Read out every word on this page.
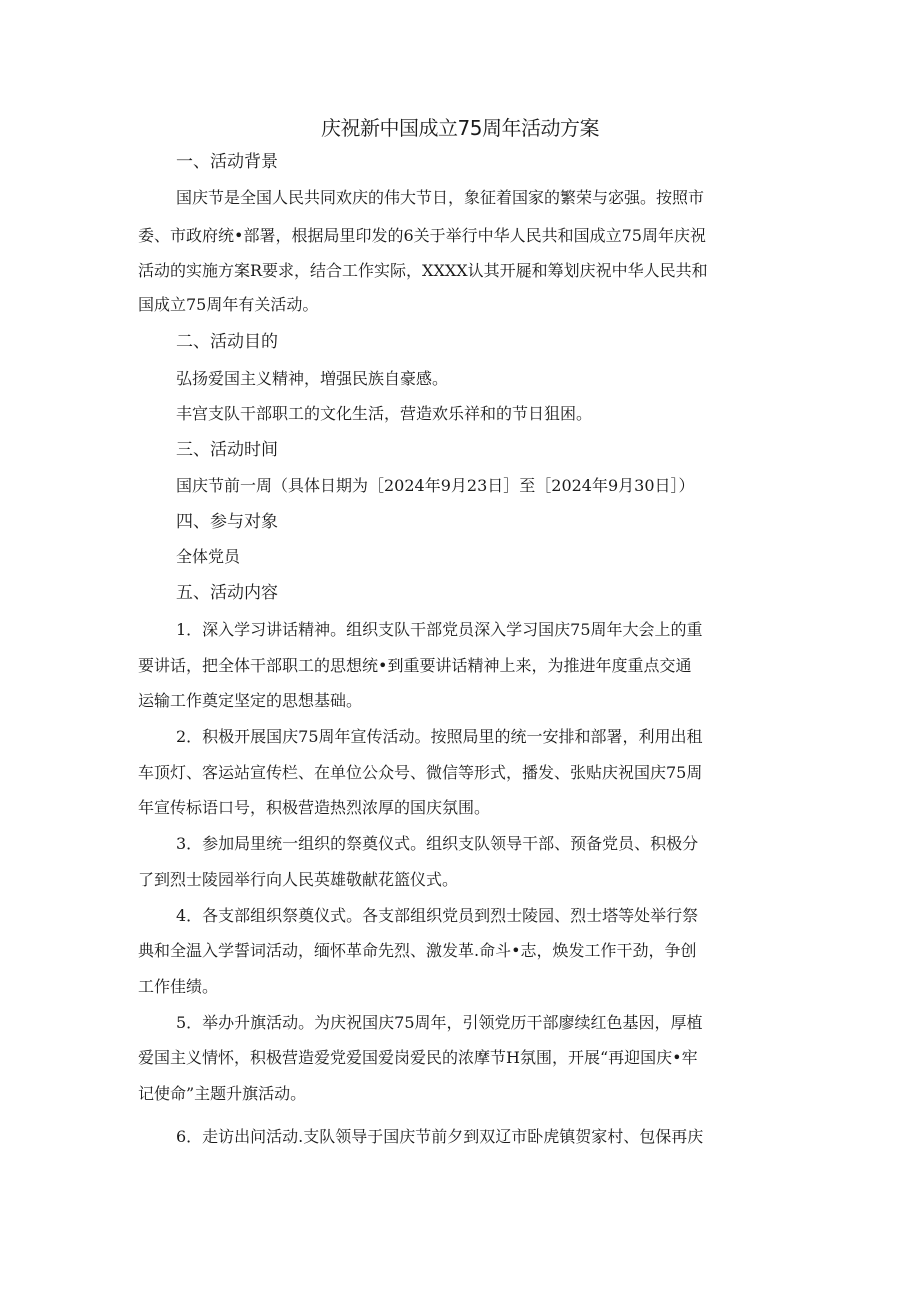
庆祝新中国成立75周年活动方案
一、活动背景
国庆节是全国人民共同欢庆的伟大节日，象征着国家的繁荣与宓强。按照市
委、市政府统•部署，根据局里印发的6关于举行中华人民共和国成立75周年庆祝
活动的实施方案R要求，结合工作实际，XXXX认其开屣和筹划庆祝中华人民共和
国成立75周年有关活动。
二、活动目的
弘扬爱国主义精神，増强民族自豪感。
丰宫支队干部职工的文化生活，营造欢乐祥和的节日狙困。
三、活动时间
国庆节前一周（具体日期为［2024年9月23日］至［2024年9月30日］）
四、参与对象
全体党员
五、活动内容
1．深入学习讲话精神。组织支队干部党员深入学习国庆75周年大会上的重
要讲话，把全体干部职工的思想统•到重要讲话精神上来，为推进年度重点交通
运输工作奠定坚定的思想基础。
2．积极开展国庆75周年宣传活动。按照局里的统一安排和部署，利用出租
车顶灯、客运站宣传栏、在单位公众号、微信等形式，播发、张贴庆祝国庆75周
年宣传标语口号，积极营造热烈浓厚的国庆氛围。
3．参加局里统一组织的祭奠仪式。组织支队领导干部、预备党员、积极分
了到烈士陵园举行向人民英雄敬献花篮仪式。
4．各支部组织祭奠仪式。各支部组织党员到烈士陵园、烈士塔等处举行祭
典和全温入学誓词活动，缅怀革命先烈、激发革.命斗•志，焕发工作干劲，争创
工作佳绩。
5．举办升旗活动。为庆祝国庆75周年，引领党历干部廖续红色基因，厚植
爱国主义情怀，积极营造爱党爱国爱岗爱民的浓摩节H氛围，开展“再迎国庆•牢
记使命”主题升旗活动。
6．走访出问活动.支队领导于国庆节前夕到双辽市卧虎镇贺家村、包保再庆
